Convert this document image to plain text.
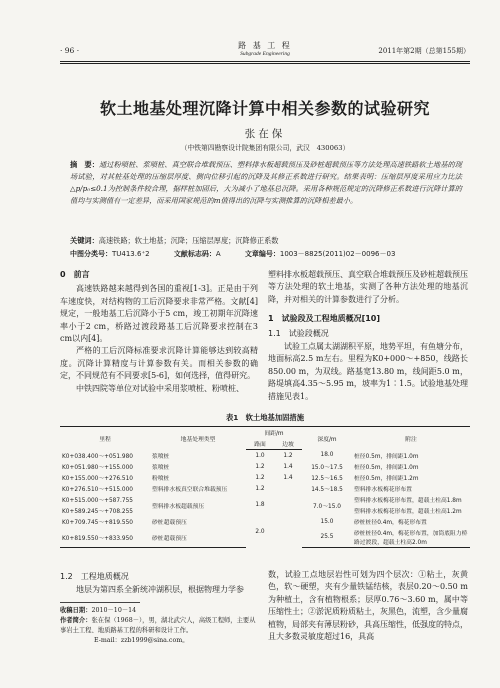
· 96 ·
路 基 工 程
Subgrade Engineering	2011年第2期（总第155期）
软土地基处理沉降计算中相关参数的试验研究
张在保
（中铁第四勘察设计院集团有限公司，武汉　430063）
摘　要：通过粉喷桩、浆喷桩、真空联合堆载预压、塑料排水板超载预压及砂桩超载预压等方法处理高速铁路软土地基的现场试验，对其桩基处理的压缩层厚度、侧向位移引起的沉降及其修正系数进行研究。结果表明：压缩层厚度采用应力比法△p/p₀≤0.1为控制条件较合理，据样桩加固后，大为减小了地基总沉降。采用各种规范规定的沉降修正系数进行沉降计算的值均与实测值有一定差异，而采用国家规范的m值得出的沉降与实测推算的沉降相差最小。
关键词：高速铁路；软土地基；沉降；压缩层厚度；沉降修正系数
中图分类号：TU413.6⁺2	文献标志码：A	文章编号：1003－8825(2011)02－0096－03
0　前言

高速铁路越来越得到各国的重视[1-3]。正是由于列车速度快，对结构物的工后沉降要求非常严格。文献[4]规定，一般地基工后沉降小于5 cm，竣工初期年沉降速率小于2 cm，桥路过渡段路基工后沉降要求控制在3 cm以内[4]。

严格的工后沉降标准要求沉降计算能够达到较高精度。沉降计算精度与计算参数有关。而相关参数的确定，不同规范有不同要求[5-6]，如何选择，值得研究。

中铁四院等单位对试验中采用浆喷桩、粉喷桩、

塑料排水板超载预压、真空联合堆载预压及砂桩超载预压等方法处理的软土地基，实测了各种方法处理的地基沉降，并对相关的计算参数进行了分析。

1　试验段及工程地质概况[10]
1.1　试验段概况

试验工点属太湖湖积平原，地势平坦，有鱼塘分布，地面标高2.5 m左右。里程为K0+000～+850，线路长850.00 m，为双线。路基宽13.80 m，线间距5.0 m，路堤填高4.35～5.95 m，坡率为1∶1.5。试验地基处理措施见表1。

表1　软土地基加固措施
里程	地基处理类型	间距/m		深度/m	附注
		路面	边坡		
K0+038.400～+051.980	浆喷桩	1.0	1.2	18.0	桩径0.5m，排间距1.0m
K0+051.980～+155.000	浆喷桩	1.2	1.4	15.0～17.5	桩径0.5m，排间距1.0m
K0+155.000～+276.510	粉喷桩	1.2	1.4	12.5～16.5	桩径0.5m，排间距1.2m
K0+276.510～+515.000	塑料排水板真空联合堆载预压	1.2		14.5～18.5	塑料排水板梅花形布置
K0+515.000～+587.755	塑料排水板超载预压	1.8		7.0～15.0	塑料排水板梅花形布置，超载土柱高1.8m
K0+589.245～+708.255					塑料排水板梅花形布置，超载土柱高1.2m
K0+709.745～+819.550	砂桩超载预压	2.0		15.0	砂桩桩径0.4m，梅花形布置
K0+819.550～+833.950	砂桩超载预压			25.5	砂桩桩径0.4m，梅花形布置，加筒底阻力桥路过渡段，超载土柱高2.0m
1.2　工程地质概况

地层为第四系全新统冲湖积层，根据物理力学参

数，试验工点地层岩性可划为四个层次：①粘土，灰黄色，软～硬塑，夹有少量铁锰结核，表层0.20～0.50 m为种植土，含有植物根系；层厚0.76～3.60 m，属中等压缩性土；②淤泥质粉质粘土，灰黑色，流塑，含少量腐植物，局部夹有薄层粉砂，具高压缩性，低强度的特点，且大多数灵敏度超过16，具高

收稿日期：2010－10－14
作者简介：张在保（1968－），男，湖北武穴人，高级工程师，主要从事岩土工程、地质路基工程的科研和设计工作。
E-mail：zzb1999@sina.com。
